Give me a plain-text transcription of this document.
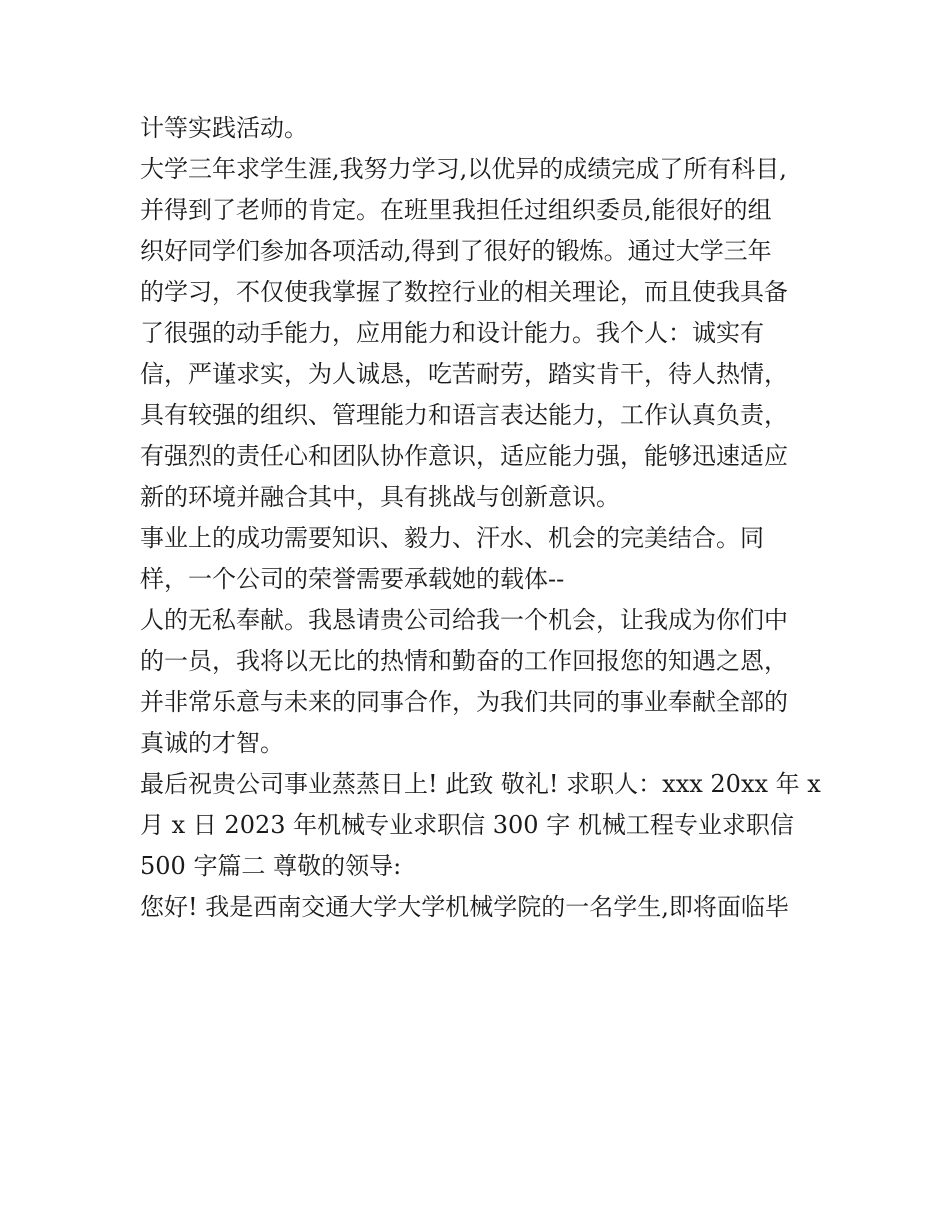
计等实践活动。
大学三年求学生涯,我努力学习,以优异的成绩完成了所有科目,
并得到了老师的肯定。在班里我担任过组织委员,能很好的组
织好同学们参加各项活动,得到了很好的锻炼。通过大学三年
的学习，不仅使我掌握了数控行业的相关理论，而且使我具备
了很强的动手能力，应用能力和设计能力。我个人：诚实有
信，严谨求实，为人诚恳，吃苦耐劳，踏实肯干，待人热情，
具有较强的组织、管理能力和语言表达能力，工作认真负责，
有强烈的责任心和团队协作意识，适应能力强，能够迅速适应
新的环境并融合其中，具有挑战与创新意识。
事业上的成功需要知识、毅力、汗水、机会的完美结合。同
样，一个公司的荣誉需要承载她的载体--
人的无私奉献。我恳请贵公司给我一个机会，让我成为你们中
的一员，我将以无比的热情和勤奋的工作回报您的知遇之恩，
并非常乐意与未来的同事合作，为我们共同的事业奉献全部的
真诚的才智。
最后祝贵公司事业蒸蒸日上! 此致 敬礼! 求职人：xxx 20xx 年 x
月 x 日 2023 年机械专业求职信 300 字 机械工程专业求职信
500 字篇二 尊敬的领导:
您好! 我是西南交通大学大学机械学院的一名学生,即将面临毕
